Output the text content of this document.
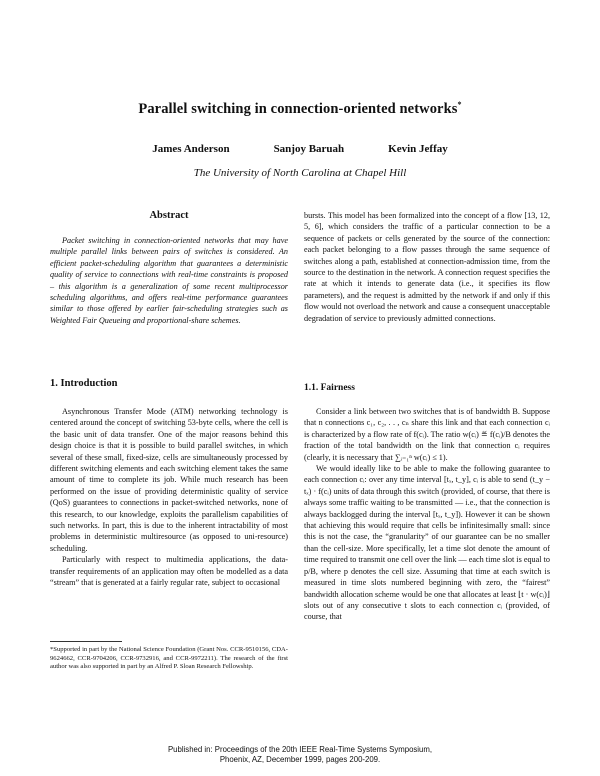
Parallel switching in connection-oriented networks*
James Anderson	Sanjoy Baruah	Kevin Jeffay
The University of North Carolina at Chapel Hill
Abstract

Packet switching in connection-oriented networks that may have multiple parallel links between pairs of switches is considered. An efficient packet-scheduling algorithm that guarantees a deterministic quality of service to connections with real-time constraints is proposed – this algorithm is a generalization of some recent multiprocessor scheduling algorithms, and offers real-time performance guarantees similar to those offered by earlier fair-scheduling strategies such as Weighted Fair Queueing and proportional-share schemes.

1. Introduction

Asynchronous Transfer Mode (ATM) networking technology is centered around the concept of switching 53-byte cells, where the cell is the basic unit of data transfer. One of the major reasons behind this design choice is that it is possible to build parallel switches, in which several of these small, fixed-size, cells are simultaneously processed by different switching elements and each switching element takes the same amount of time to complete its job. While much research has been performed on the issue of providing deterministic quality of service (QoS) guarantees to connections in packet-switched networks, none of this research, to our knowledge, exploits the parallelism capabilities of such networks. In part, this is due to the inherent intractability of most problems in deterministic multiresource (as opposed to uni-resource) scheduling.

Particularly with respect to multimedia applications, the data-transfer requirements of an application may often be modelled as a data “stream” that is generated at a fairly regular rate, subject to occasional

*Supported in part by the National Science Foundation (Grant Nos. CCR-9510156, CDA-9624662, CCR-9704206, CCR-9732916, and CCR-9972211). The research of the first author was also supported in part by an Alfred P. Sloan Research Fellowship.

bursts. This model has been formalized into the concept of a flow [13, 12, 5, 6], which considers the traffic of a particular connection to be a sequence of packets or cells generated by the source of the connection: each packet belonging to a flow passes through the same sequence of switches along a path, established at connection-admission time, from the source to the destination in the network. A connection request specifies the rate at which it intends to generate data (i.e., it specifies its flow parameters), and the request is admitted by the network if and only if this flow would not overload the network and cause a consequent unacceptable degradation of service to previously admitted connections.

1.1. Fairness

Consider a link between two switches that is of bandwidth B. Suppose that n connections c₁, c₂, . . , cₙ share this link and that each connection cᵢ is characterized by a flow rate of f(cᵢ). The ratio w(cᵢ) ≝ f(cᵢ)/B denotes the fraction of the total bandwidth on the link that connection cᵢ requires (clearly, it is necessary that ∑ᵢ₌₁ⁿ w(cᵢ) ≤ 1).

We would ideally like to be able to make the following guarantee to each connection cᵢ: over any time interval [tₓ, t_y], cᵢ is able to send (t_y − tₓ) · f(cᵢ) units of data through this switch (provided, of course, that there is always some traffic waiting to be transmitted — i.e., that the connection is always backlogged during the interval [tₓ, t_y]). However it can be shown that achieving this would require that cells be infinitesimally small: since this is not the case, the “granularity” of our guarantee can be no smaller than the cell-size. More specifically, let a time slot denote the amount of time required to transmit one cell over the link — each time slot is equal to p/B, where p denotes the cell size. Assuming that time at each switch is measured in time slots numbered beginning with zero, the “fairest” bandwidth allocation scheme would be one that allocates at least ⌊t · w(cᵢ)⌋ slots out of any consecutive t slots to each connection cᵢ (provided, of course, that

Published in: Proceedings of the 20th IEEE Real-Time Systems Symposium,
Phoenix, AZ, December 1999, pages 200-209.
